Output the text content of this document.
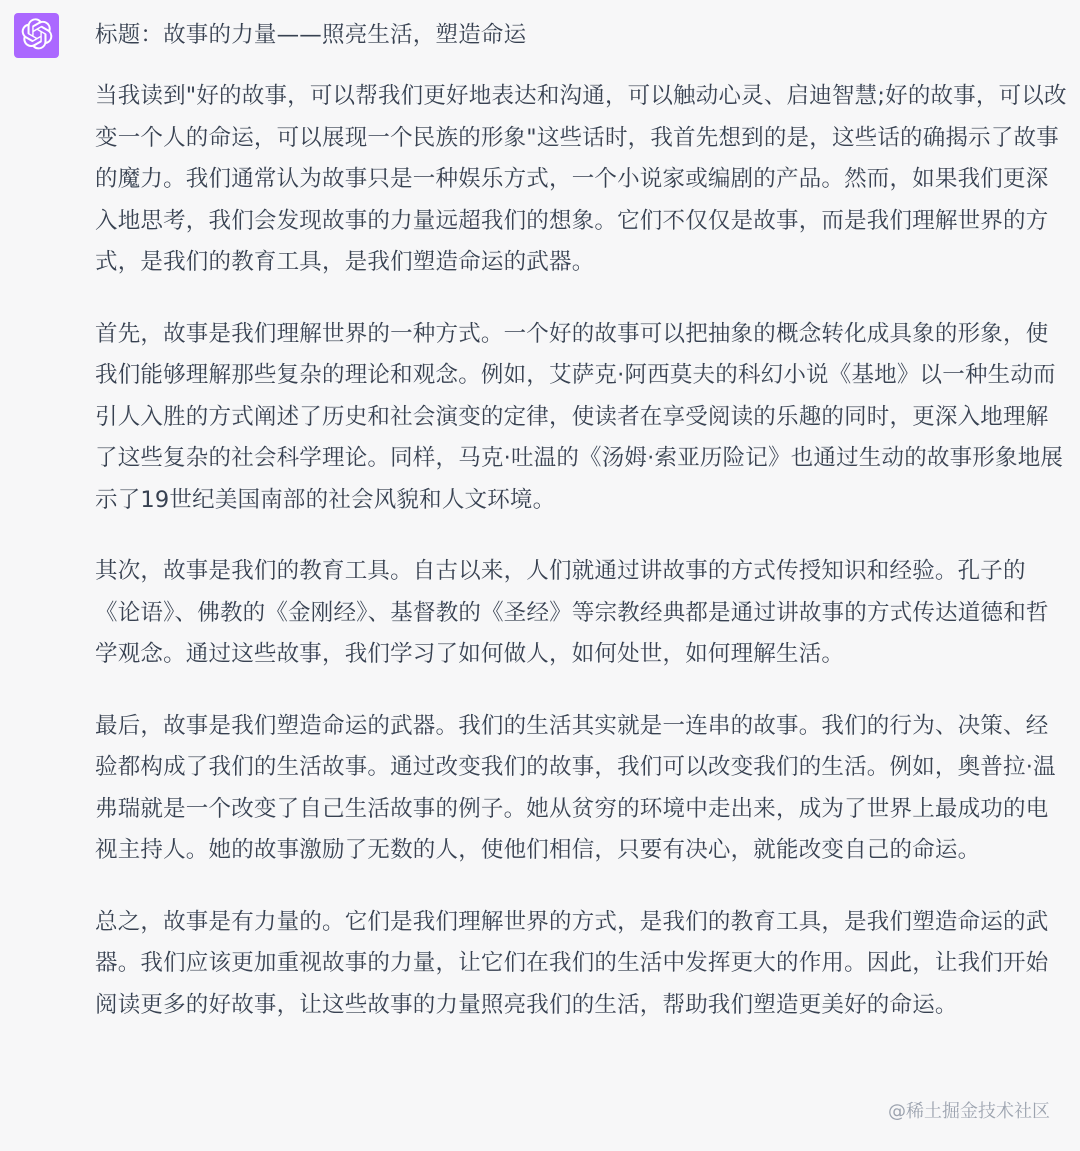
标题：故事的力量——照亮生活，塑造命运

当我读到"好的故事，可以帮我们更好地表达和沟通，可以触动心灵、启迪智慧;好的故事，可以改变一个人的命运，可以展现一个民族的形象"这些话时，我首先想到的是，这些话的确揭示了故事的魔力。我们通常认为故事只是一种娱乐方式，一个小说家或编剧的产品。然而，如果我们更深入地思考，我们会发现故事的力量远超我们的想象。它们不仅仅是故事，而是我们理解世界的方式，是我们的教育工具，是我们塑造命运的武器。

首先，故事是我们理解世界的一种方式。一个好的故事可以把抽象的概念转化成具象的形象，使我们能够理解那些复杂的理论和观念。例如，艾萨克·阿西莫夫的科幻小说《基地》以一种生动而引人入胜的方式阐述了历史和社会演变的定律，使读者在享受阅读的乐趣的同时，更深入地理解了这些复杂的社会科学理论。同样，马克·吐温的《汤姆·索亚历险记》也通过生动的故事形象地展示了19世纪美国南部的社会风貌和人文环境。

其次，故事是我们的教育工具。自古以来，人们就通过讲故事的方式传授知识和经验。孔子的《论语》、佛教的《金刚经》、基督教的《圣经》等宗教经典都是通过讲故事的方式传达道德和哲学观念。通过这些故事，我们学习了如何做人，如何处世，如何理解生活。

最后，故事是我们塑造命运的武器。我们的生活其实就是一连串的故事。我们的行为、决策、经验都构成了我们的生活故事。通过改变我们的故事，我们可以改变我们的生活。例如，奥普拉·温弗瑞就是一个改变了自己生活故事的例子。她从贫穷的环境中走出来，成为了世界上最成功的电视主持人。她的故事激励了无数的人，使他们相信，只要有决心，就能改变自己的命运。

总之，故事是有力量的。它们是我们理解世界的方式，是我们的教育工具，是我们塑造命运的武器。我们应该更加重视故事的力量，让它们在我们的生活中发挥更大的作用。因此，让我们开始阅读更多的好故事，让这些故事的力量照亮我们的生活，帮助我们塑造更美好的命运。

@稀土掘金技术社区
